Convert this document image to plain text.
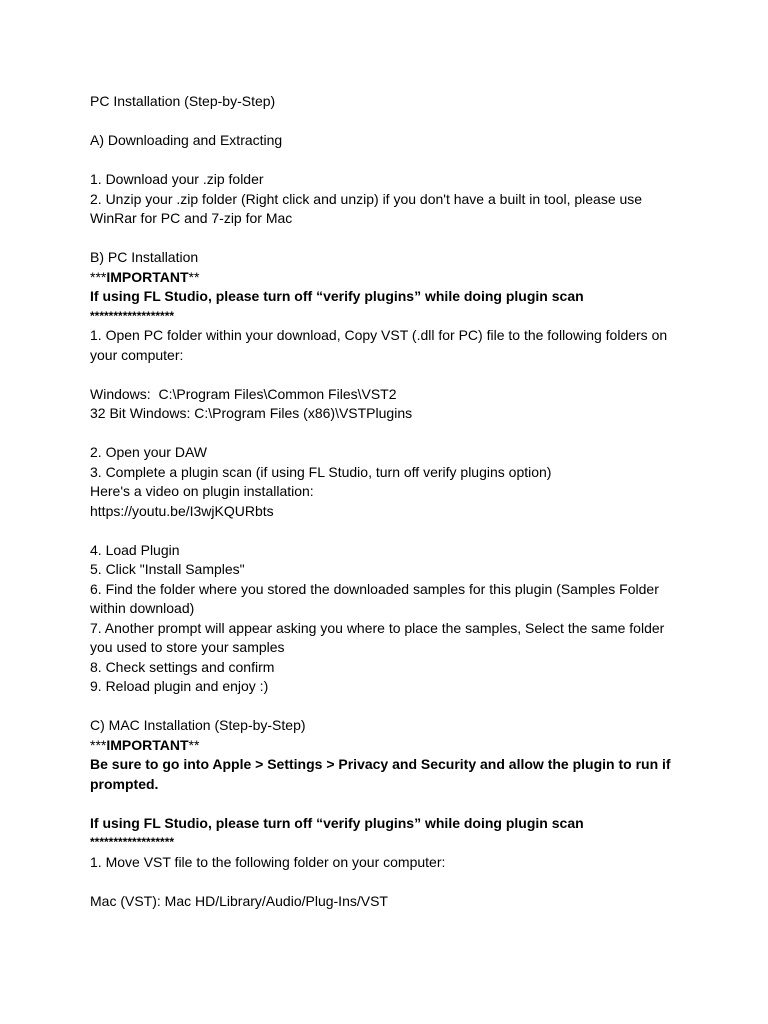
PC Installation (Step-by-Step)
A) Downloading and Extracting
1. Download your .zip folder
2. Unzip your .zip folder (Right click and unzip) if you don't have a built in tool, please use WinRar for PC and 7-zip for Mac
B) PC Installation
***IMPORTANT**
If using FL Studio, please turn off “verify plugins” while doing plugin scan
******************
1. Open PC folder within your download, Copy VST (.dll for PC) file to the following folders on your computer:
Windows:  C:\Program Files\Common Files\VST2
32 Bit Windows: C:\Program Files (x86)\VSTPlugins
2. Open your DAW
3. Complete a plugin scan (if using FL Studio, turn off verify plugins option)
Here's a video on plugin installation:
https://youtu.be/I3wjKQURbts
4. Load Plugin
5. Click "Install Samples"
6. Find the folder where you stored the downloaded samples for this plugin (Samples Folder within download)
7. Another prompt will appear asking you where to place the samples, Select the same folder you used to store your samples
8. Check settings and confirm
9. Reload plugin and enjoy :)
C) MAC Installation (Step-by-Step)
***IMPORTANT**
Be sure to go into Apple > Settings > Privacy and Security and allow the plugin to run if prompted.
If using FL Studio, please turn off “verify plugins” while doing plugin scan
******************
1. Move VST file to the following folder on your computer:
Mac (VST): Mac HD/Library/Audio/Plug-Ins/VST
